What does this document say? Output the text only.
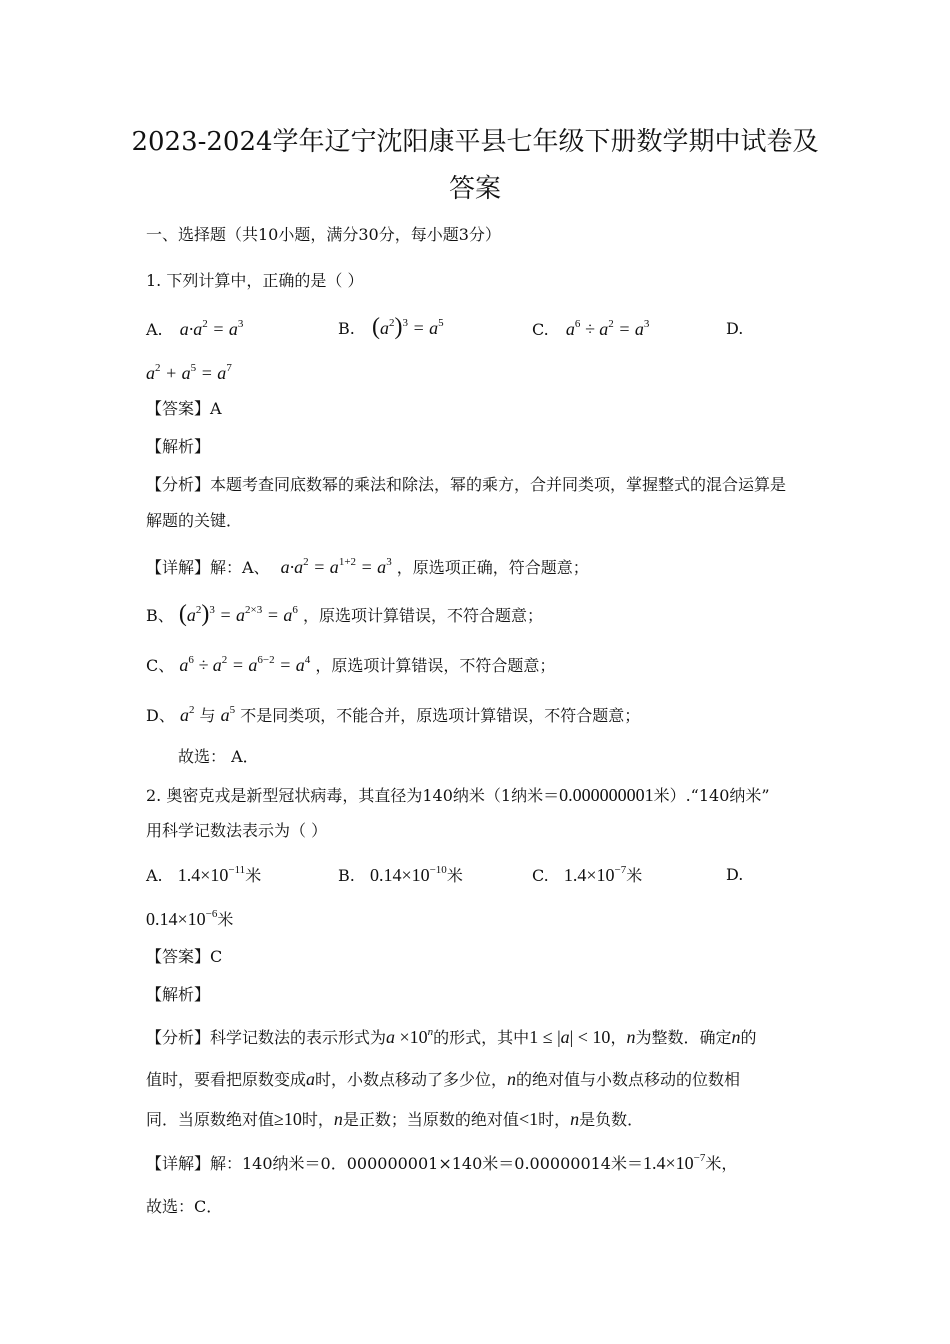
2023-2024学年辽宁沈阳康平县七年级下册数学期中试卷及
答案
一、选择题（共10小题，满分30分，每小题3分）
1. 下列计算中，正确的是（ ）
A. $a\cdot a^2 = a^3$	B. $(a^2)^3 = a^5$	C. $a^6 \div a^2 = a^3$	D.
$a^2 + a^5 = a^7$
【答案】A
【解析】
【分析】本题考查同底数幂的乘法和除法，幂的乘方，合并同类项，掌握整式的混合运算是
解题的关键．
【详解】解：A、 $a\cdot a^2 = a^{1+2} = a^3$ ，原选项正确，符合题意；
B、 $(a^2)^3 = a^{2\times 3} = a^6$ ，原选项计算错误，不符合题意；
C、 $a^6 \div a^2 = a^{6-2} = a^4$ ，原选项计算错误，不符合题意；
D、 $a^2$ 与 $a^5$ 不是同类项，不能合并，原选项计算错误，不符合题意；
故选： A．
2. 奥密克戎是新型冠状病毒，其直径为140纳米（1纳米＝0.000000001米）.“140纳米”
用科学记数法表示为（ ）
A. $1.4\times 10^{-11}$米	B. $0.14\times 10^{-10}$米	C. $1.4\times 10^{-7}$米	D.
$0.14\times 10^{-6}$米
【答案】C
【解析】
【分析】科学记数法的表示形式为$a \times 10^n$的形式，其中1 ≤ |a| < 10，n为整数．确定n的
值时，要看把原数变成a时，小数点移动了多少位，n的绝对值与小数点移动的位数相
同．当原数绝对值≥10时，n是正数；当原数的绝对值<1时，n是负数．
【详解】解：140纳米＝0．000000001×140米＝0.00000014米$=1.4\times 10^{-7}$米，
故选：C．
